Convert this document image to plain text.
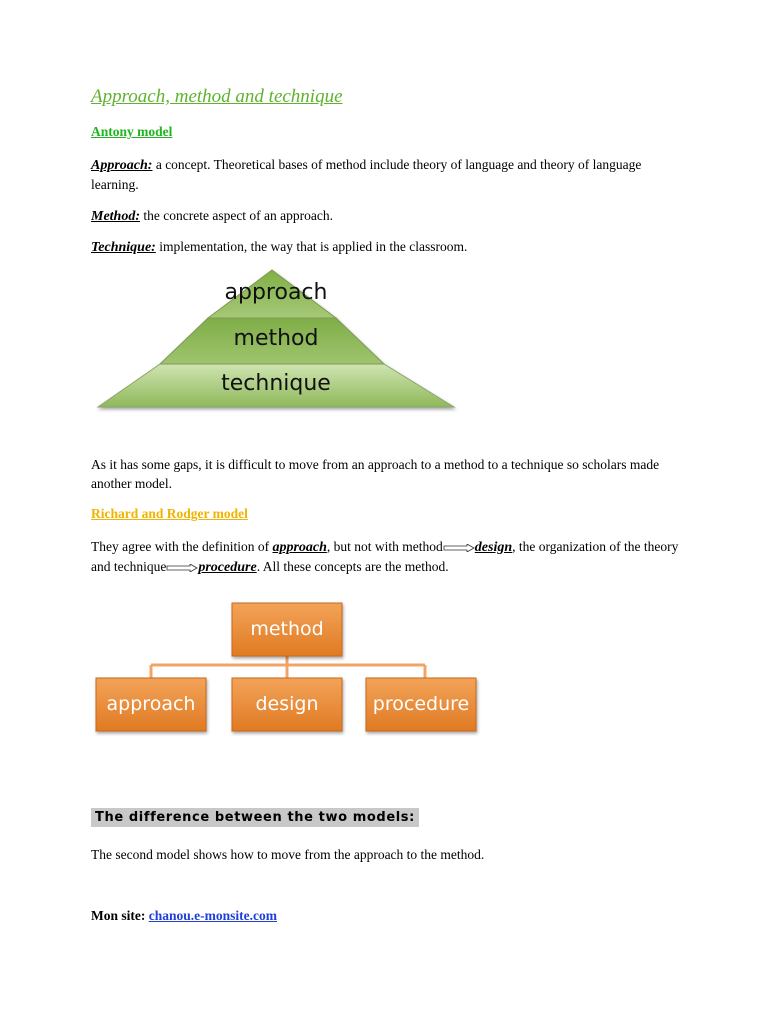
Approach, method and technique
Antony model
Approach: a concept. Theoretical bases of method include theory of language and theory of language learning.
Method: the concrete aspect of an approach.
Technique: implementation, the way that is applied in the classroom.
approach
method
technique
As it has some gaps, it is difficult to move from an approach to a method to a technique so scholars made another model.
Richard and Rodger model
They agree with the definition of approach, but not with method design, the organization of the theory and technique procedure. All these concepts are the method.
method
approach	design	procedure
The difference between the two models:
The second model shows how to move from the approach to the method.
Mon site: chanou.e-monsite.com
